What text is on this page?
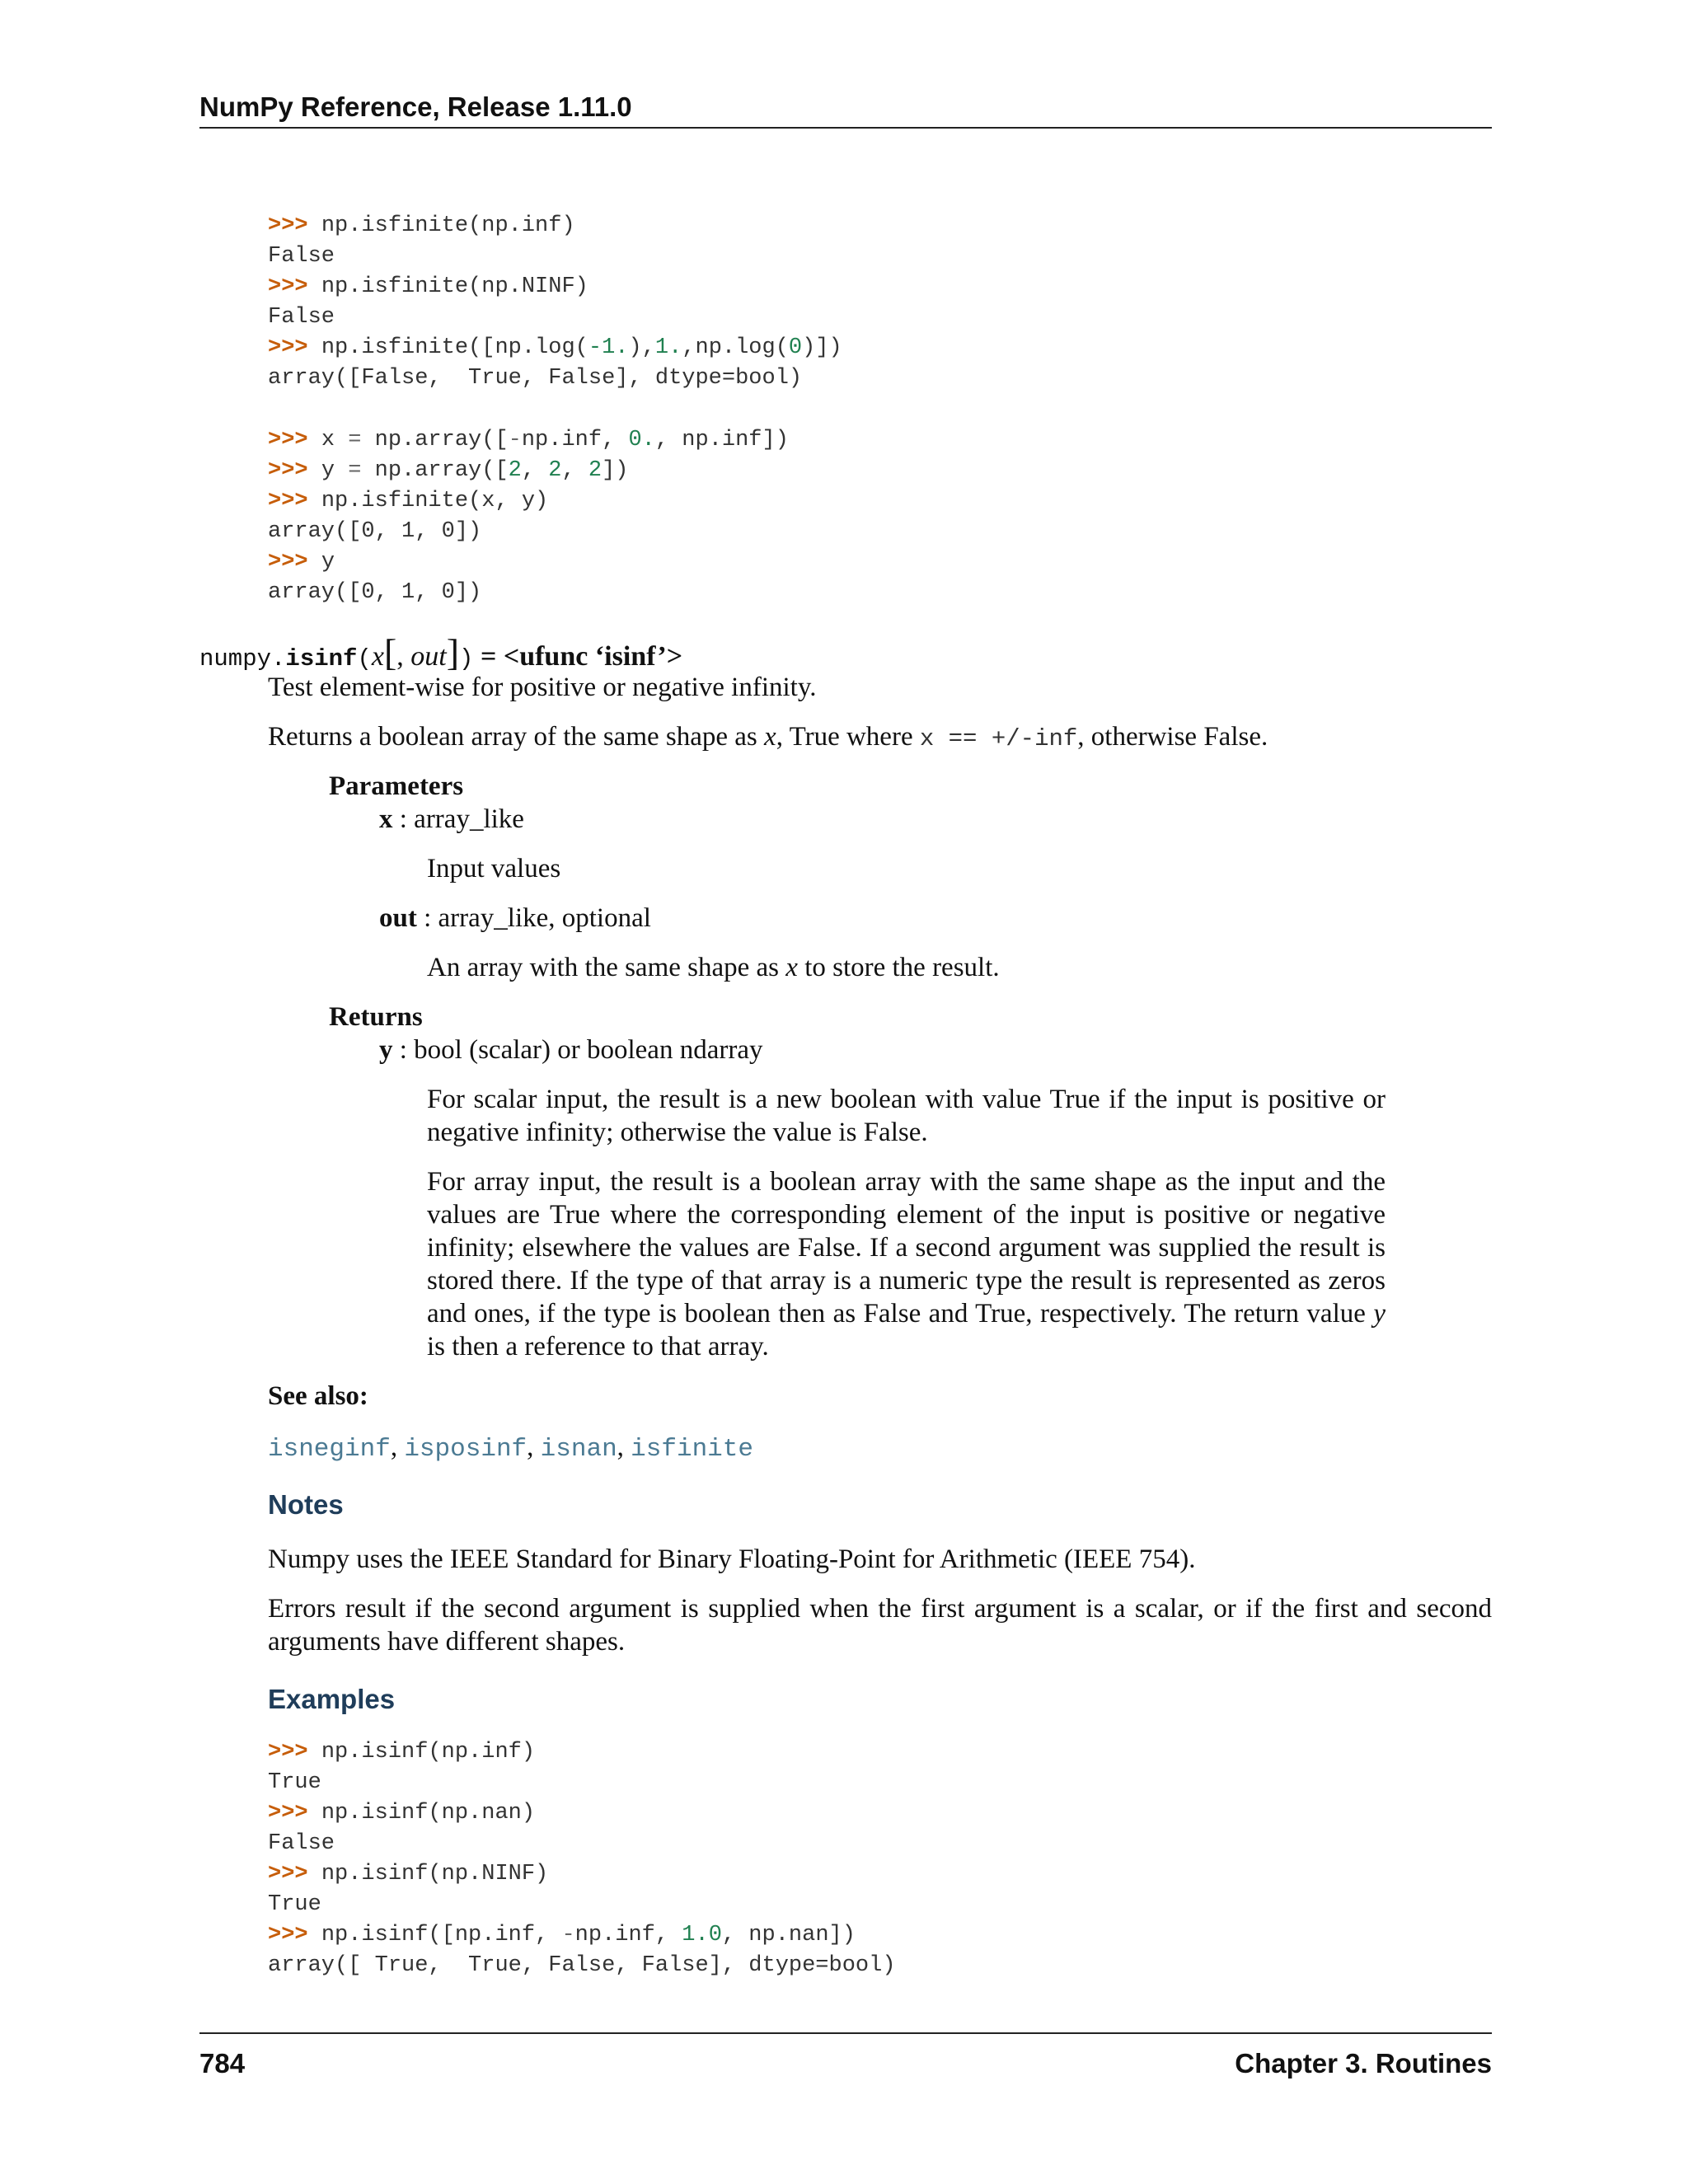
NumPy Reference, Release 1.11.0
>>> np.isfinite(np.inf)
False
>>> np.isfinite(np.NINF)
False
>>> np.isfinite([np.log(-1.),1.,np.log(0)])
array([False,  True, False], dtype=bool)
>>> x = np.array([-np.inf, 0., np.inf])
>>> y = np.array([2, 2, 2])
>>> np.isfinite(x, y)
array([0, 1, 0])
>>> y
array([0, 1, 0])
numpy.isinf(x[, out]) = <ufunc ‘isinf’>

Test element-wise for positive or negative infinity.

Returns a boolean array of the same shape as x, True where x == +/-inf, otherwise False.

Parameters

x : array_like

Input values

out : array_like, optional

An array with the same shape as x to store the result.

Returns

y : bool (scalar) or boolean ndarray

For scalar input, the result is a new boolean with value True if the input is positive or negative infinity; otherwise the value is False.

For array input, the result is a boolean array with the same shape as the input and the values are True where the corresponding element of the input is positive or negative infinity; elsewhere the values are False. If a second argument was supplied the result is stored there. If the type of that array is a numeric type the result is represented as zeros and ones, if the type is boolean then as False and True, respectively. The return value y is then a reference to that array.

See also:

isneginf, isposinf, isnan, isfinite

Notes

Numpy uses the IEEE Standard for Binary Floating-Point for Arithmetic (IEEE 754).

Errors result if the second argument is supplied when the first argument is a scalar, or if the first and second arguments have different shapes.

Examples
>>> np.isinf(np.inf)
True
>>> np.isinf(np.nan)
False
>>> np.isinf(np.NINF)
True
>>> np.isinf([np.inf, -np.inf, 1.0, np.nan])
array([ True,  True, False, False], dtype=bool)
784	Chapter 3. Routines
